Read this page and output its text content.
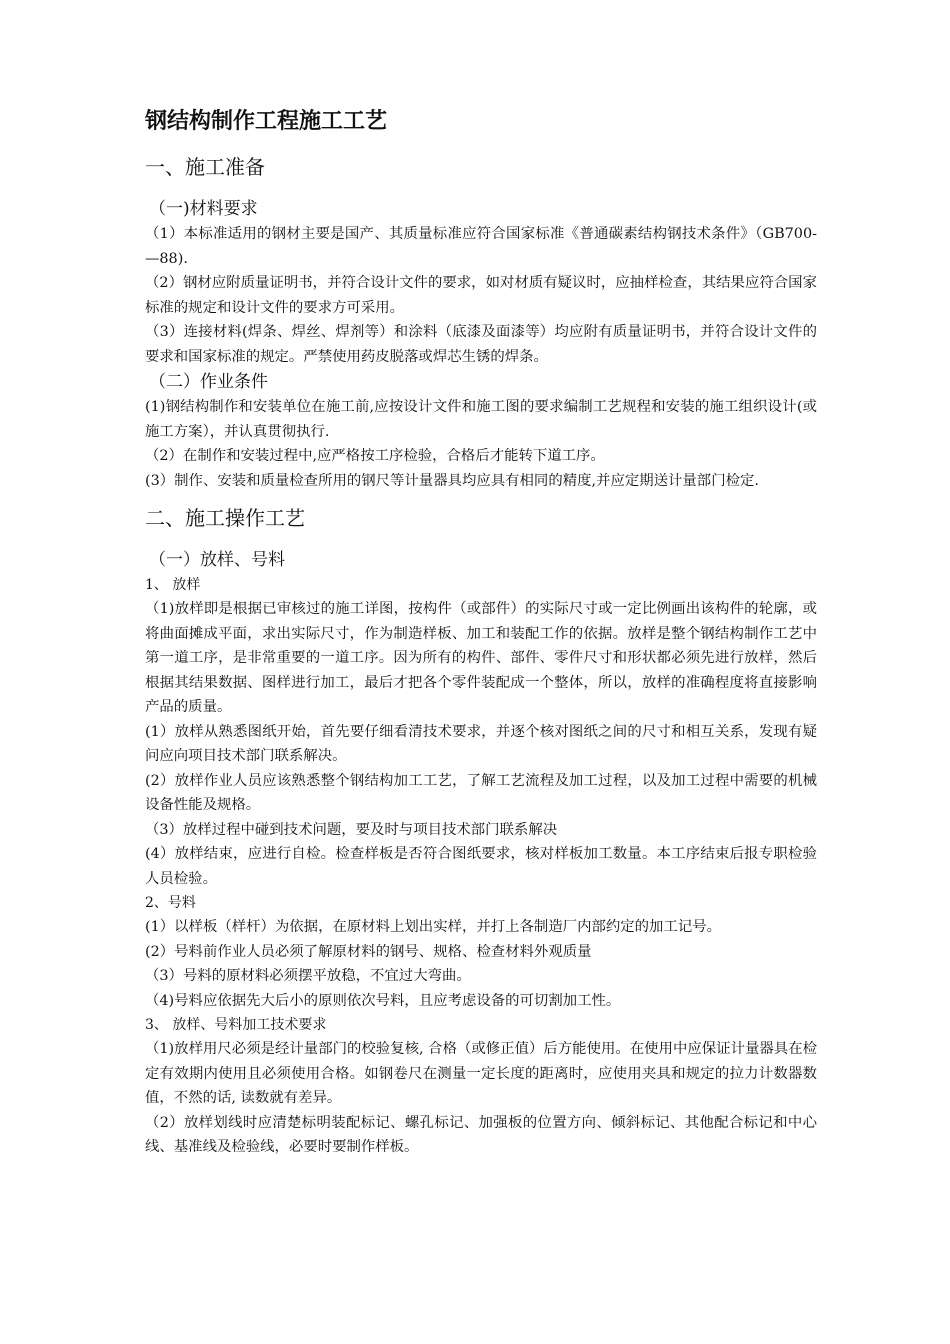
钢结构制作工程施工工艺
一、施工准备
（一)材料要求

（1）本标准适用的钢材主要是国产、其质量标准应符合国家标准《普通碳素结构钢技术条件》（GB700-—88).

（2）钢材应附质量证明书，并符合设计文件的要求，如对材质有疑议时，应抽样检查，其结果应符合国家标准的规定和设计文件的要求方可采用。

（3）连接材料(焊条、焊丝、焊剂等）和涂料（底漆及面漆等）均应附有质量证明书，并符合设计文件的要求和国家标准的规定。严禁使用药皮脱落或焊芯生锈的焊条。

（二）作业条件

(1)钢结构制作和安装单位在施工前,应按设计文件和施工图的要求编制工艺规程和安装的施工组织设计(或施工方案），并认真贯彻执行.

（2）在制作和安装过程中,应严格按工序检验，合格后才能转下道工序。

(3）制作、安装和质量检查所用的钢尺等计量器具均应具有相同的精度,并应定期送计量部门检定.

二、施工操作工艺
（一）放样、号料
1、 放样

（1)放样即是根据已审核过的施工详图，按构件（或部件）的实际尺寸或一定比例画出该构件的轮廓，或将曲面摊成平面，求出实际尺寸，作为制造样板、加工和装配工作的依据。放样是整个钢结构制作工艺中第一道工序，是非常重要的一道工序。因为所有的构件、部件、零件尺寸和形状都必须先进行放样，然后根据其结果数据、图样进行加工，最后才把各个零件装配成一个整体，所以，放样的准确程度将直接影响产品的质量。

(1）放样从熟悉图纸开始，首先要仔细看清技术要求，并逐个核对图纸之间的尺寸和相互关系，发现有疑问应向项目技术部门联系解决。

(2）放样作业人员应该熟悉整个钢结构加工工艺，了解工艺流程及加工过程，以及加工过程中需要的机械设备性能及规格。

（3）放样过程中碰到技术问题，要及时与项目技术部门联系解决

(4）放样结束，应进行自检。检查样板是否符合图纸要求，核对样板加工数量。本工序结束后报专职检验人员检验。

2、号料

(1）以样板（样杆）为依据，在原材料上划出实样，并打上各制造厂内部约定的加工记号。

(2）号料前作业人员必须了解原材料的钢号、规格、检查材料外观质量

（3）号料的原材料必须摆平放稳，不宜过大弯曲。

（4)号料应依据先大后小的原则依次号料，且应考虑设备的可切割加工性。

3、 放样、号料加工技术要求

（1)放样用尺必须是经计量部门的校验复核, 合格（或修正值）后方能使用。在使用中应保证计量器具在检定有效期内使用且必须使用合格。如钢卷尺在测量一定长度的距离时，应使用夹具和规定的拉力计数器数值，不然的话, 读数就有差异。

（2）放样划线时应清楚标明装配标记、螺孔标记、加强板的位置方向、倾斜标记、其他配合标记和中心线、基准线及检验线，必要时要制作样板。
